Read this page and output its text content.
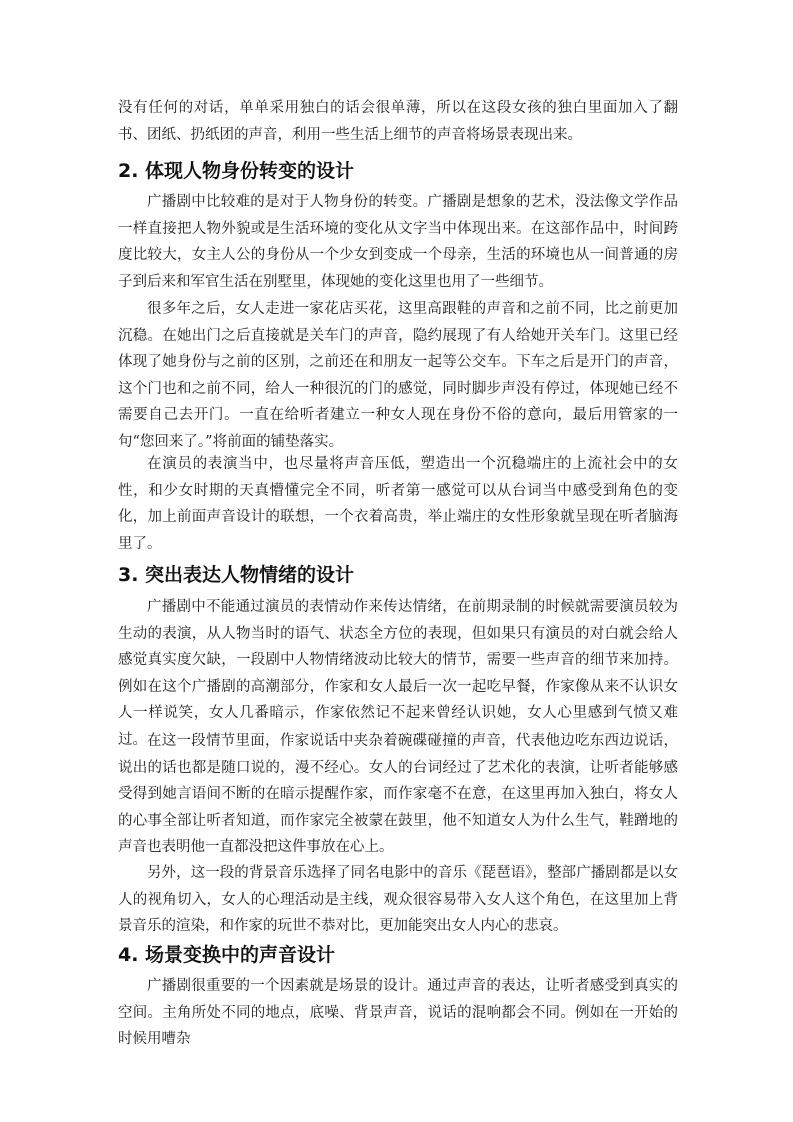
没有任何的对话，单单采用独白的话会很单薄，所以在这段女孩的独白里面加入了翻书、团纸、扔纸团的声音，利用一些生活上细节的声音将场景表现出来。

2. 体现人物身份转变的设计

广播剧中比较难的是对于人物身份的转变。广播剧是想象的艺术，没法像文学作品一样直接把人物外貌或是生活环境的变化从文字当中体现出来。在这部作品中，时间跨度比较大，女主人公的身份从一个少女到变成一个母亲，生活的环境也从一间普通的房子到后来和军官生活在别墅里，体现她的变化这里也用了一些细节。

很多年之后，女人走进一家花店买花，这里高跟鞋的声音和之前不同，比之前更加沉稳。在她出门之后直接就是关车门的声音，隐约展现了有人给她开关车门。这里已经体现了她身份与之前的区别，之前还在和朋友一起等公交车。下车之后是开门的声音，这个门也和之前不同，给人一种很沉的门的感觉，同时脚步声没有停过，体现她已经不需要自己去开门。一直在给听者建立一种女人现在身份不俗的意向，最后用管家的一句“您回来了。”将前面的铺垫落实。

在演员的表演当中，也尽量将声音压低，塑造出一个沉稳端庄的上流社会中的女性，和少女时期的天真懵懂完全不同，听者第一感觉可以从台词当中感受到角色的变化，加上前面声音设计的联想，一个衣着高贵，举止端庄的女性形象就呈现在听者脑海里了。

3. 突出表达人物情绪的设计

广播剧中不能通过演员的表情动作来传达情绪，在前期录制的时候就需要演员较为生动的表演，从人物当时的语气、状态全方位的表现，但如果只有演员的对白就会给人感觉真实度欠缺，一段剧中人物情绪波动比较大的情节，需要一些声音的细节来加持。例如在这个广播剧的高潮部分，作家和女人最后一次一起吃早餐，作家像从来不认识女人一样说笑，女人几番暗示，作家依然记不起来曾经认识她，女人心里感到气愤又难过。 在这一段情节里面，作家说话中夹杂着碗碟碰撞的声音，代表他边吃东西边说话，说出的话也都是随口说的，漫不经心。女人的台词经过了艺术化的表演，让听者能够感受得到她言语间不断的在暗示提醒作家，而作家毫不在意，在这里再加入独白，将女人的心事全部让听者知道，而作家完全被蒙在鼓里，他不知道女人为什么生气，鞋蹭地的声音也表明他一直都没把这件事放在心上。

另外，这一段的背景音乐选择了同名电影中的音乐《琵琶语》，整部广播剧都是以女人的视角切入，女人的心理活动是主线，观众很容易带入女人这个角色，在这里加上背景音乐的渲染，和作家的玩世不恭对比，更加能突出女人内心的悲哀。

4. 场景变换中的声音设计

广播剧很重要的一个因素就是场景的设计。通过声音的表达，让听者感受到真实的空间。主角所处不同的地点，底噪、背景声音，说话的混响都会不同。例如在一开始的时候用嘈杂
